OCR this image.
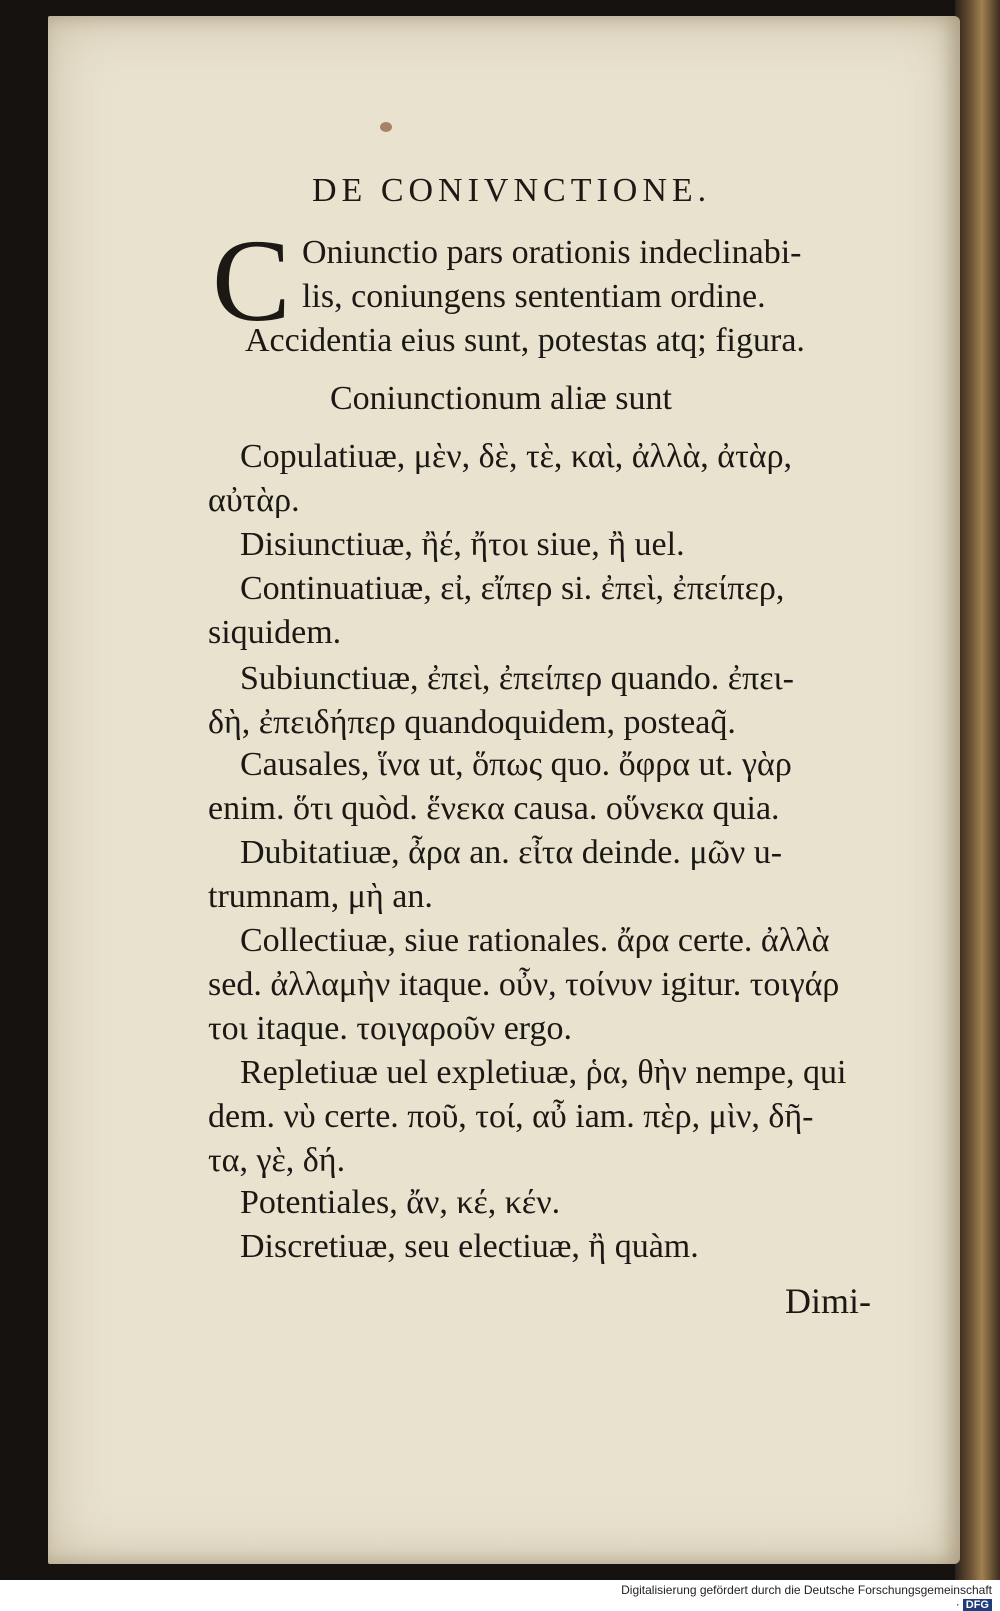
DE CONIVNCTIONE.
C Oniunctio pars orationis indeclinabi-
lis, coniungens sententiam ordine.
Accidentia eius sunt, potestas atq; figura.
Coniunctionum aliæ sunt
Copulatiuæ, μὲν, δὲ, τὲ, καὶ, ἀλλὰ, ἀτὰρ,
αὐτὰρ.
Disiunctiuæ, ἢέ, ἤτοι siue, ἢ uel.
Continuatiuæ, εἰ, εἴπερ si. ἐπεὶ, ἐπείπερ,
siquidem.
Subiunctiuæ, ἐπεὶ, ἐπείπερ quando. ἐπει-
δὴ, ἐπειδήπερ quandoquidem, posteaq̃.
Causales, ἵνα ut, ὅπως quo. ὄφρα ut. γὰρ
enim. ὅτι quòd. ἕνεκα causa. οὕνεκα quia.
Dubitatiuæ, ἆρα an. εἶτα deinde. μῶν u-
trumnam, μὴ an.
Collectiuæ, siue rationales. ἄρα certe. ἀλλὰ
sed. ἀλλαμὴν itaque. οὖν, τοίνυν igitur. τοιγάρ
τοι itaque. τοιγαροῦν ergo.
Repletiuæ uel expletiuæ, ῥα, θὴν nempe, qui
dem. νὺ certe. ποῦ, τοί, αὖ iam. πὲρ, μὶν, δῆ-
τα, γὲ, δή.
Potentiales, ἄν, κέ, κέν.
Discretiuæ, seu electiuæ, ἢ quàm.
Dimi-
Digitalisierung gefördert durch die Deutsche Forschungsgemeinschaft · DFG
